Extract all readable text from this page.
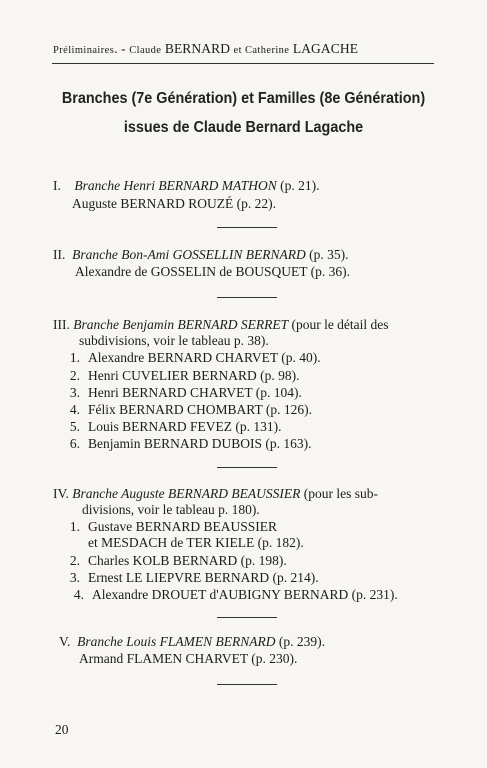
Préliminaires. - Claude BERNARD et Catherine LAGACHE
Branches (7e Génération) et Familles (8e Génération)
issues de Claude Bernard Lagache
I. Branche Henri BERNARD MATHON (p. 21).
Auguste BERNARD ROUZÉ (p. 22).
II. Branche Bon-Ami GOSSELLIN BERNARD (p. 35).
Alexandre de GOSSELIN de BOUSQUET (p. 36).
III. Branche Benjamin BERNARD SERRET (pour le détail des
subdivisions, voir le tableau p. 38).
1. Alexandre BERNARD CHARVET (p. 40).
2. Henri CUVELIER BERNARD (p. 98).
3. Henri BERNARD CHARVET (p. 104).
4. Félix BERNARD CHOMBART (p. 126).
5. Louis BERNARD FEVEZ (p. 131).
6. Benjamin BERNARD DUBOIS (p. 163).
IV. Branche Auguste BERNARD BEAUSSIER (pour les sub-
divisions, voir le tableau p. 180).
1. Gustave BERNARD BEAUSSIER
et MESDACH de TER KIELE (p. 182).
2. Charles KOLB BERNARD (p. 198).
3. Ernest LE LIEPVRE BERNARD (p. 214).
4. Alexandre DROUET d'AUBIGNY BERNARD (p. 231).
V. Branche Louis FLAMEN BERNARD (p. 239).
Armand FLAMEN CHARVET (p. 230).
20
